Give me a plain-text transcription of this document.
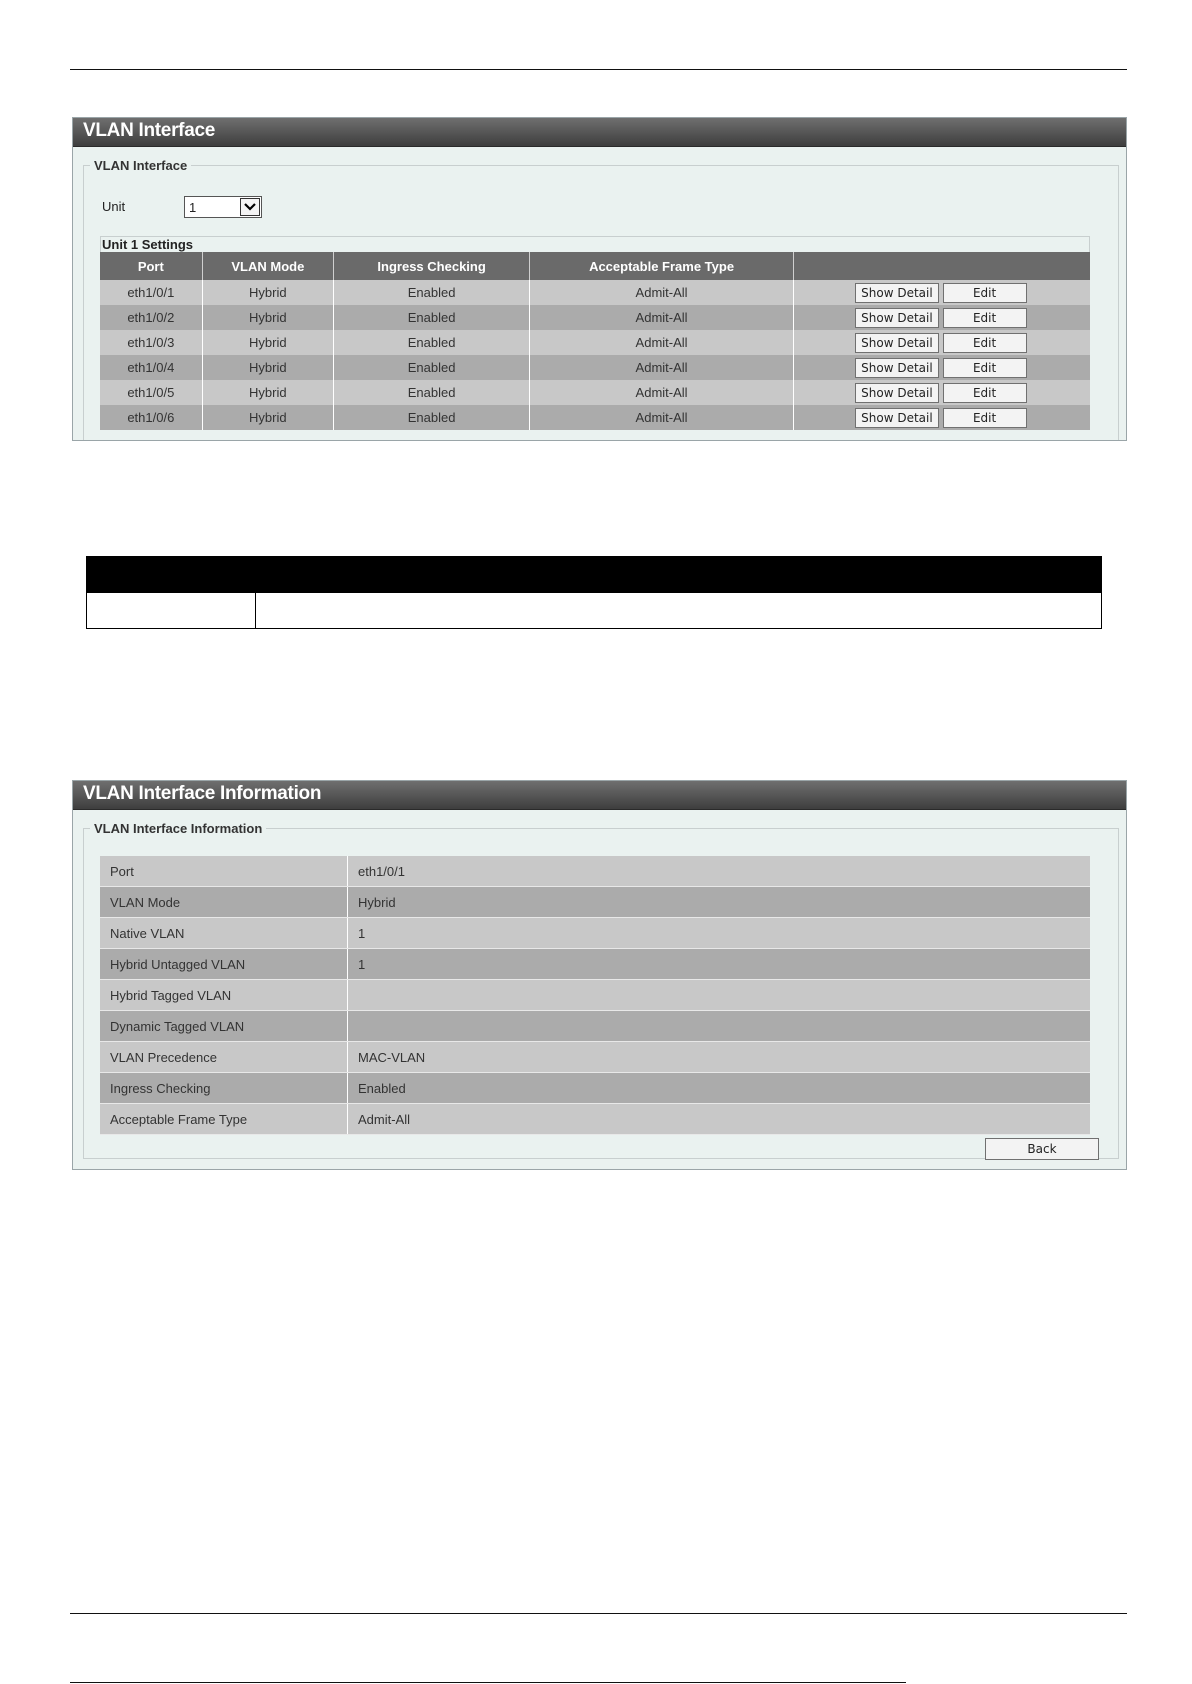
VLAN Interface
VLAN Interface
Unit	1
Unit 1 Settings
Port	VLAN Mode	Ingress Checking	Acceptable Frame Type	
eth1/0/1	Hybrid	Enabled	Admit-All	Show Detail Edit
eth1/0/2	Hybrid	Enabled	Admit-All	Show Detail Edit
eth1/0/3	Hybrid	Enabled	Admit-All	Show Detail Edit
eth1/0/4	Hybrid	Enabled	Admit-All	Show Detail Edit
eth1/0/5	Hybrid	Enabled	Admit-All	Show Detail Edit
eth1/0/6	Hybrid	Enabled	Admit-All	Show Detail Edit

VLAN Interface Information
VLAN Interface Information
Port	eth1/0/1
VLAN Mode	Hybrid
Native VLAN	1
Hybrid Untagged VLAN	1
Hybrid Tagged VLAN	
Dynamic Tagged VLAN	
VLAN Precedence	MAC-VLAN
Ingress Checking	Enabled
Acceptable Frame Type	Admit-All
Back
